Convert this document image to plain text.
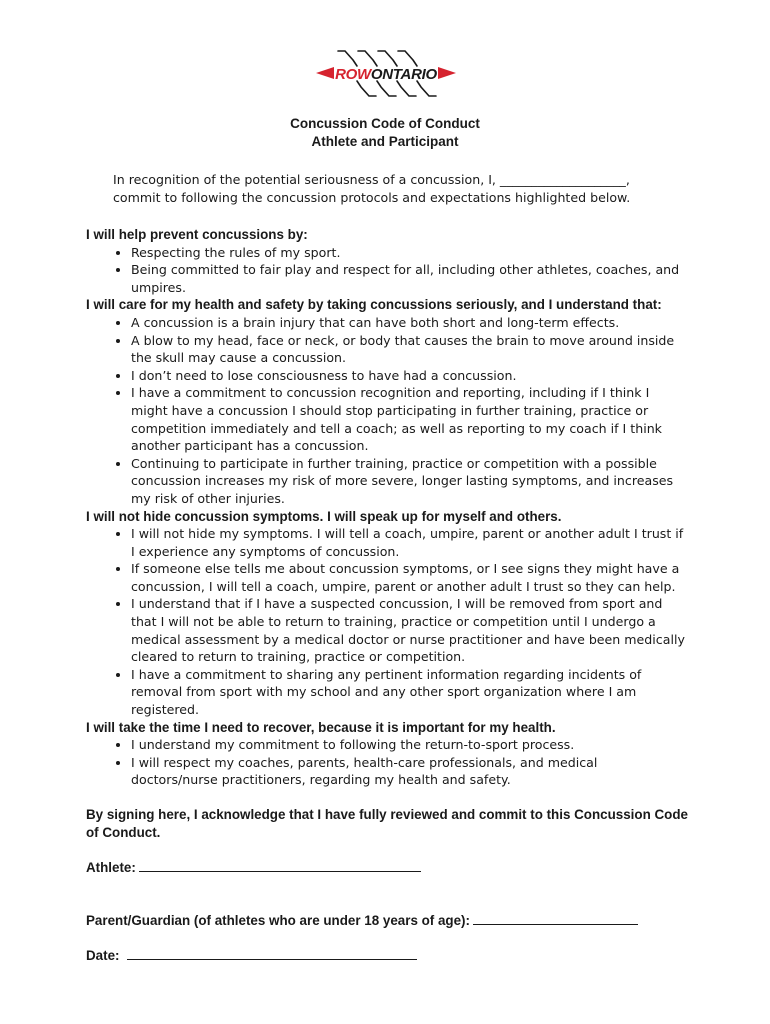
ROWONTARIO
Concussion Code of Conduct
Athlete and Participant
In recognition of the potential seriousness of a concussion, I, ____________________,
commit to following the concussion protocols and expectations highlighted below.

I will help prevent concussions by:

• Respecting the rules of my sport.
• Being committed to fair play and respect for all, including other athletes, coaches, and umpires.

I will care for my health and safety by taking concussions seriously, and I understand that:

• A concussion is a brain injury that can have both short and long-term effects.
• A blow to my head, face or neck, or body that causes the brain to move around inside the skull may cause a concussion.
• I don’t need to lose consciousness to have had a concussion.
• I have a commitment to concussion recognition and reporting, including if I think I might have a concussion I should stop participating in further training, practice or competition immediately and tell a coach; as well as reporting to my coach if I think another participant has a concussion.
• Continuing to participate in further training, practice or competition with a possible concussion increases my risk of more severe, longer lasting symptoms, and increases my risk of other injuries.

I will not hide concussion symptoms. I will speak up for myself and others.

• I will not hide my symptoms. I will tell a coach, umpire, parent or another adult I trust if I experience any symptoms of concussion.
• If someone else tells me about concussion symptoms, or I see signs they might have a concussion, I will tell a coach, umpire, parent or another adult I trust so they can help.
• I understand that if I have a suspected concussion, I will be removed from sport and that I will not be able to return to training, practice or competition until I undergo a medical assessment by a medical doctor or nurse practitioner and have been medically cleared to return to training, practice or competition.
• I have a commitment to sharing any pertinent information regarding incidents of removal from sport with my school and any other sport organization where I am registered.

I will take the time I need to recover, because it is important for my health.

• I understand my commitment to following the return-to-sport process.
• I will respect my coaches, parents, health-care professionals, and medical doctors/nurse practitioners, regarding my health and safety.
By signing here, I acknowledge that I have fully reviewed and commit to this Concussion Code of Conduct.
Athlete:
Parent/Guardian (of athletes who are under 18 years of age):
Date:
